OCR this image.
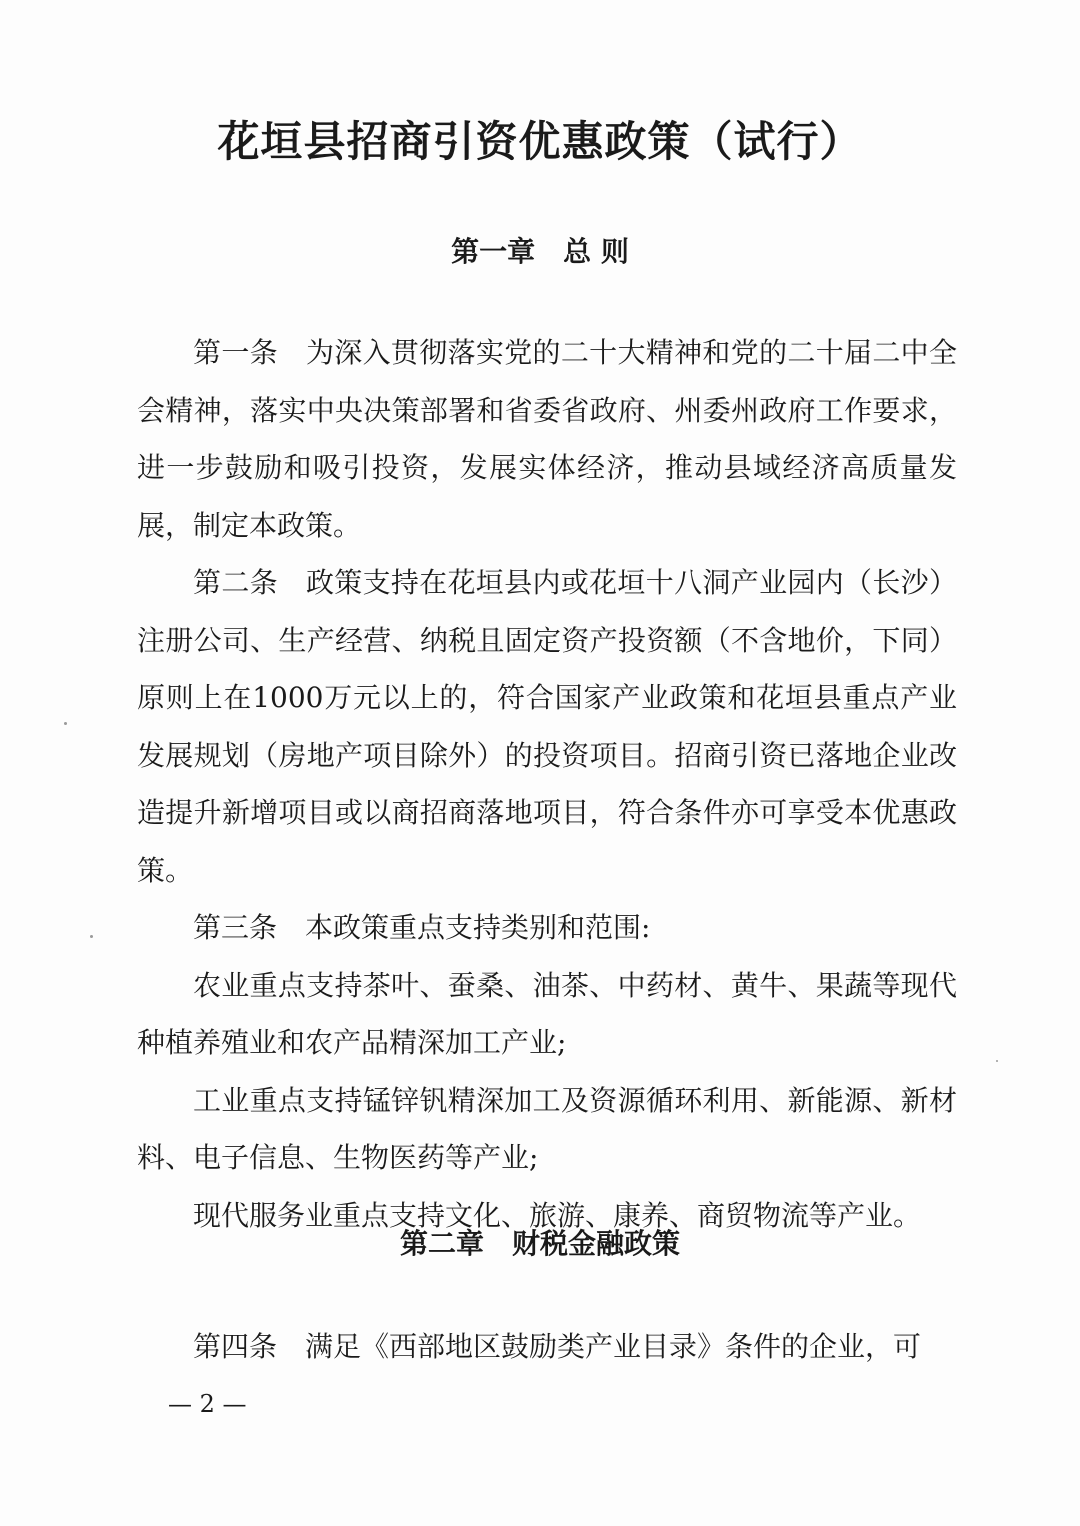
花垣县招商引资优惠政策（试行）
第一章　总 则

第一条 为深入贯彻落实党的二十大精神和党的二十届二中全会精神，落实中央决策部署和省委省政府、州委州政府工作要求，进一步鼓励和吸引投资，发展实体经济，推动县域经济高质量发展，制定本政策。

第二条 政策支持在花垣县内或花垣十八洞产业园内（长沙）注册公司、生产经营、纳税且固定资产投资额（不含地价，下同）原则上在1000万元以上的，符合国家产业政策和花垣县重点产业发展规划（房地产项目除外）的投资项目。招商引资已落地企业改造提升新增项目或以商招商落地项目，符合条件亦可享受本优惠政策。

第三条 本政策重点支持类别和范围:

农业重点支持茶叶、蚕桑、油茶、中药材、黄牛、果蔬等现代种植养殖业和农产品精深加工产业;

工业重点支持锰锌钒精深加工及资源循环利用、新能源、新材料、电子信息、生物医药等产业;

现代服务业重点支持文化、旅游、康养、商贸物流等产业。

第二章　财税金融政策

第四条 满足《西部地区鼓励类产业目录》条件的企业，可

— 2 —
